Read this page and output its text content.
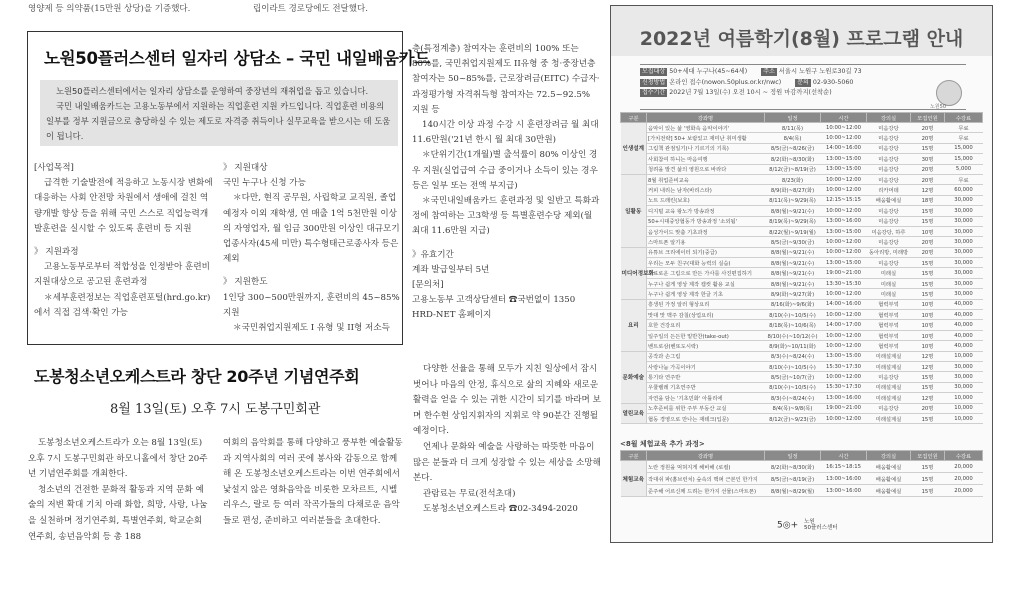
영양제 등 의약품(15만원 상당)을 기증했다.	립이라트 경로당에도 전달했다.
노원50플러스센터 일자리 상담소 – 국민 내일배움카드

노원50플러스센터에서는 일자리 상담소를 운영하여 중장년의 재취업을 돕고 있습니다.

국민 내일배움카드는 고용노동부에서 지원하는 직업훈련 지원 카드입니다. 직업훈련 비용의 일부를 정부 지원금으로 충당하실 수 있는 제도로 자격증 취득이나 실무교육을 받으시는 데 도움이 됩니다.

[사업목적]

급격한 기술발전에 적응하고 노동시장 변화에 대응하는 사회 안전망 차원에서 생애에 걸친 역량개발 향상 등을 위해 국민 스스로 직업능력개발훈련을 실시할 수 있도록 훈련비 등 지원

》 지원과정

고용노동부로부터 적합성을 인정받아 훈련비 지원대상으로 공고된 훈련과정

＊세부훈련정보는 직업훈련포털(hrd.go.kr)에서 직접 검색·확인 가능

》 지원대상

국민 누구나 신청 가능

＊다만, 현직 공무원, 사립학교 교직원, 졸업예정자 이외 재학생, 연 매출 1억 5천만원 이상의 자영업자, 월 임금 300만원 이상인 대규모기업종사자(45세 미만) 특수형태근로종사자 등은 제외

》 지원한도

1인당 300~500만원까지, 훈련비의 45~85% 지원

＊국민취업지원제도 I 유형 및 II형 저소득

층(특정계층) 참여자는 훈련비의 100% 또는 80%를, 국민취업지원제도 II유형 중 청·중장년층 참여자는 50~85%를, 근로장려금(EITC) 수급자·과정평가형 자격취득형 참여자는 72.5~92.5% 지원 등

140시간 이상 과정 수강 시 훈련장려금 월 최대 11.6만원('21년 한시 월 최대 30만원)

＊단위기간(1개월)별 출석률이 80% 이상인 경우 지원(실업급여 수급 중이거나 소득이 있는 경우 등은 일부 또는 전액 부지급)

＊국민내일배움카드 훈련과정 및 일반고 특화과정에 참여하는 고3학생 등 특별훈련수당 제외(월 최대 11.6만원 지급)

》유효기간

계좌 발급일부터 5년

[문의처]

고용노동부 고객상담센터 ☎국번없이 1350

HRD-NET 홈페이지

도봉청소년오케스트라 창단 20주년 기념연주회
8월 13일(토) 오후 7시 도봉구민회관

도봉청소년오케스트라가 오는 8월 13일(토) 오후 7시 도봉구민회관 하모니홀에서 창단 20주년 기념연주회를 개최한다.

청소년의 건전한 문화적 활동과 지역 문화 예술의 저변 확대 기치 아래 화합, 희망, 사랑, 나눔을 실천하며 정기연주회, 특별연주회, 학교순회연주회, 송년음악회 등 총 188

여회의 음악회를 통해 다양하고 풍부한 예술활동과 지역사회의 여러 곳에 봉사와 감동으로 함께해 온 도봉청소년오케스트라는 이번 연주회에서 낯설지 않은 영화음악을 비롯한 모차르트, 시벨리우스, 랄로 등 여러 작곡가들의 다채로운 음악들로 편성, 준비하고 여러분들을 초대한다.

다양한 선율을 통해 모두가 지친 일상에서 잠시 벗어나 마음의 안정, 휴식으로 삶의 지혜와 새로운 활력을 얻을 수 있는 귀한 시간이 되기를 바라며 보며 한수현 상임지휘자의 지휘로 약 90분간 진행될 예정이다.

언제나 문화와 예술을 사랑하는 따뜻한 마음이 많은 분들과 더 크게 성장할 수 있는 세상을 소망해본다.

관람료는 무료(전석초대)

도봉청소년오케스트라 ☎02-3494-2020

2022년 여름학기(8월) 프로그램 안내
모집대상 50+세대 누구나(45~64세)	주소 서울시 노원구 노원로30길 73
신청방법 온라인 접수(nowon.50plus.or.kr/nwc)	문의 02-930-5060
접수기간 2022년 7월 13일(수) 오전 10시 ~ 정원 마감까지(선착순)
노원50
구분	강좌명	일정	시간	강의실	모집인원	수강료
인생설계	음악이 있는 삶 '영화속 음악이야기'	8/11(목)	10:00~12:00	미음강당	20명	무료
	[가치전략] 50+ 보람있고 재미난 취미생활	8/4(목)	10:00~12:00	미음강당	20명	무료
	그림책 관점일기(나 기르기의 기록)	8/5(금)~8/26(금)	14:00~16:00	미음강당	15명	15,000
	사회참여 하니는 마음여행	8/2(화)~8/30(화)	13:00~15:00	미음강당	30명	15,000
	청려을 발견 삶의 영원으로 바라다	8/12(금)~8/19(금)	13:00~15:00	미음강당	20명	5,000
일활동	8월 취업준비교육	8/23(화)	10:00~12:00	미음강당	20명	무료
	커피 내리는 남자(바리스타)	8/9(화)~8/27(화)	10:00~12:00	리카머데	12명	60,000
	노트 드래린(보호)	8/11(목)~9/29(목)	12:15~15:15	배움활예실	18명	30,000
	디지털 교육 왕노가 방송과정	8/8(월)~9/21(수)	10:00~12:00	미음강당	15명	30,000
	50+시대중앙협동가 방송과정 '소외됨'	8/19(목)~9/29(목)	13:00~16:00	미음강당	15명	30,000
	음성가이드 맞춤 기초과정	8/22(월)~9/19(월)	13:00~15:00	미음강당, 하루	10명	30,000
	스마트폰 알기용	8/5(금)~9/30(금)	10:00~12:00	미음강당	20명	30,000
미디어정보화	유튜브 크리에이터 되기(중급)	8/8(월)~9/21(수)	10:00~12:00	동아리방, 미래방	20명	30,000
	우리는 모두 친구(대화 능력의 실습)	8/8(월)~9/21(수)	13:00~15:00	미음강당	15명	30,000
	무료로운 그림으로 만든 가사를 사진편집하기	8/8(월)~9/21(수)	19:00~21:00	미래실	15명	30,000
	누구나 쉽게 영상 제작 캡컷 활용 교실	8/8(월)~9/21(수)	13:30~15:30	미래실	15명	30,000
	누구나 쉽게 영상 제작 한글 기초	8/9(화)~9/27(화)	10:00~12:00	미래실	15명	30,000
요리	흥생된 가정 알러 형상요리	8/16(화)~9/6(화)	14:00~16:00	협력부엌	10명	40,000
	맛대 맛 맥주 감칠(상업요리)	8/10(수)~10/5(수)	10:00~12:00	협력부엌	10명	40,000
	호한 건강요리	8/18(목)~10/6(목)	14:00~17:00	협력부엌	10명	40,000
	일주일의 든든한 밑반찬(take-out)	8/10(수)~10/12(수)	10:00~12:00	협력부엌	10명	40,000
	벤트로삼(벤또도시락)	8/9(화)~10/11(화)	10:00~12:00	협력부엌	10명	40,000
문화예술	공작과 손그림	8/3(수)~8/24(수)	13:00~15:00	미래설계실	12명	10,000
	사랑나눔 가곡이야기	8/10(수)~10/5(수)	15:30~17:30	미래설계실	12명	30,000
	통기타 연주반	8/5(금)~10/7(금)	10:00~12:00	미음강당	15명	30,000
	우쿨렐레 기초연주반	8/10(수)~10/5(수)	15:30~17:30	미래설계실	15명	30,000
	자연을 담는 '기초민화' 아틀리에	8/3(수)~8/24(수)	13:00~16:00	미래설계실	12명	10,000
열린교육	노후준비를 위한 주부 부동산 교실	8/4(목)~9/8(목)	19:00~21:00	미음강당	20명	10,000
	협동 경영으로 만나는 재테크(입문)	8/12(금)~9/23(금)	10:00~12:00	미래설계실	15명	10,000
<8월 체험교육 추가 과정>
구분	강좌명	일정	시간	강의실	모집인원	수강료
체험교육	노란 정원을 먹혀지게 해비해 (로컬)	8/2(화)~8/30(화)	16:15~18:15	배움활예실	15명	20,000
	작대쉬 파(홈브런치) 숲속의 맥퍼 근본인 한가지	8/5(금)~8/19(금)	13:00~16:00	배움활예실	15명	20,000
	준주해 어르신께 드려는 한가지 선물(스마트폰)	8/8(월)~8/29(월)	13:00~16:00	배움활예실	15명	20,000
5◎+ 노원
50플러스센터
